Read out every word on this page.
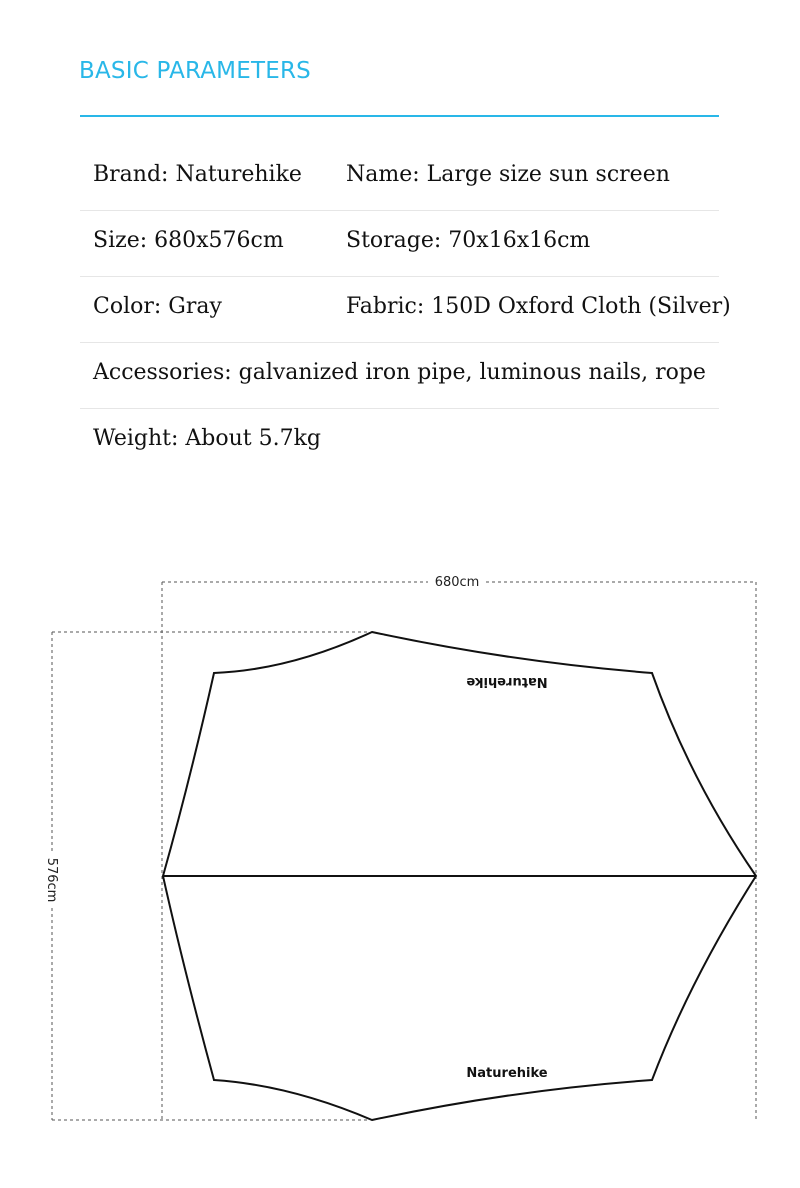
BASIC PARAMETERS
Brand: Naturehike Name: Large size sun screen
Size: 680x576cm	Storage: 70x16x16cm
Color: Gray	Fabric: 150D Oxford Cloth (Silver)
Accessories: galvanized iron pipe, luminous nails, rope
Weight: About 5.7kg
680cm
576cm
Naturehike
Naturehike
